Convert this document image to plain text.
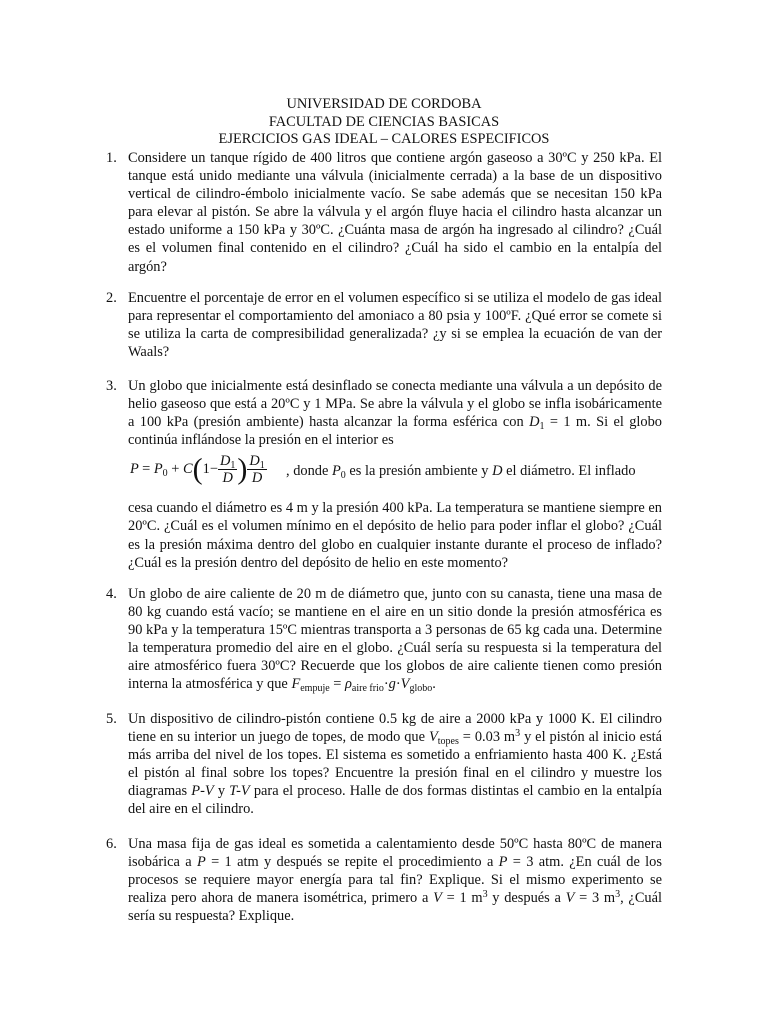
UNIVERSIDAD DE CORDOBA
FACULTAD DE CIENCIAS BASICAS
EJERCICIOS GAS IDEAL – CALORES ESPECIFICOS
1. Considere un tanque rígido de 400 litros que contiene argón gaseoso a 30ºC y 250 kPa. El tanque está unido mediante una válvula (inicialmente cerrada) a la base de un dispositivo vertical de cilindro-émbolo inicialmente vacío. Se sabe además que se necesitan 150 kPa para elevar al pistón. Se abre la válvula y el argón fluye hacia el cilindro hasta alcanzar un estado uniforme a 150 kPa y 30ºC. ¿Cuánta masa de argón ha ingresado al cilindro? ¿Cuál es el volumen final contenido en el cilindro? ¿Cuál ha sido el cambio en la entalpía del argón?

2. Encuentre el porcentaje de error en el volumen específico si se utiliza el modelo de gas ideal para representar el comportamiento del amoniaco a 80 psia y 100ºF. ¿Qué error se comete si se utiliza la carta de compresibilidad generalizada? ¿y si se emplea la ecuación de van der Waals?

3. Un globo que inicialmente está desinflado se conecta mediante una válvula a un depósito de helio gaseoso que está a 20ºC y 1 MPa. Se abre la válvula y el globo se infla isobáricamente a 100 kPa (presión ambiente) hasta alcanzar la forma esférica con $D_1 = 1$ m. Si el globo continúa inflándose la presión en el interior es

$P = P_0 + C(1- \frac{D_1}{D}$ ) $\frac{D_1}{D}$ , donde $P_0$ es la presión ambiente y D el diámetro. El inflado

cesa cuando el diámetro es 4 m y la presión 400 kPa. La temperatura se mantiene siempre en 20ºC. ¿Cuál es el volumen mínimo en el depósito de helio para poder inflar el globo? ¿Cuál es la presión máxima dentro del globo en cualquier instante durante el proceso de inflado? ¿Cuál es la presión dentro del depósito de helio en este momento?

4. Un globo de aire caliente de 20 m de diámetro que, junto con su canasta, tiene una masa de 80 kg cuando está vacío; se mantiene en el aire en un sitio donde la presión atmosférica es 90 kPa y la temperatura 15ºC mientras transporta a 3 personas de 65 kg cada una. Determine la temperatura promedio del aire en el globo. ¿Cuál sería su respuesta si la temperatura del aire atmosférico fuera 30ºC? Recuerde que los globos de aire caliente tienen como presión interna la atmosférica y que $F_{empuje} = \rho_{aire frio}\cdot g\cdot V_{globo}$.

5. Un dispositivo de cilindro-pistón contiene 0.5 kg de aire a 2000 kPa y 1000 K. El cilindro tiene en su interior un juego de topes, de modo que $V_{topes} = 0.03$ $m^3$ y el pistón al inicio está más arriba del nivel de los topes. El sistema es sometido a enfriamiento hasta 400 K. ¿Está el pistón al final sobre los topes? Encuentre la presión final en el cilindro y muestre los diagramas P-V y T-V para el proceso. Halle de dos formas distintas el cambio en la entalpía del aire en el cilindro.

6. Una masa fija de gas ideal es sometida a calentamiento desde 50ºC hasta 80ºC de manera isobárica a P = 1 atm y después se repite el procedimiento a P = 3 atm. ¿En cuál de los procesos se requiere mayor energía para tal fin? Explique. Si el mismo experimento se realiza pero ahora de manera isométrica, primero a V = 1 $m^3$ y después a V = 3 $m^3$, ¿Cuál sería su respuesta? Explique.
